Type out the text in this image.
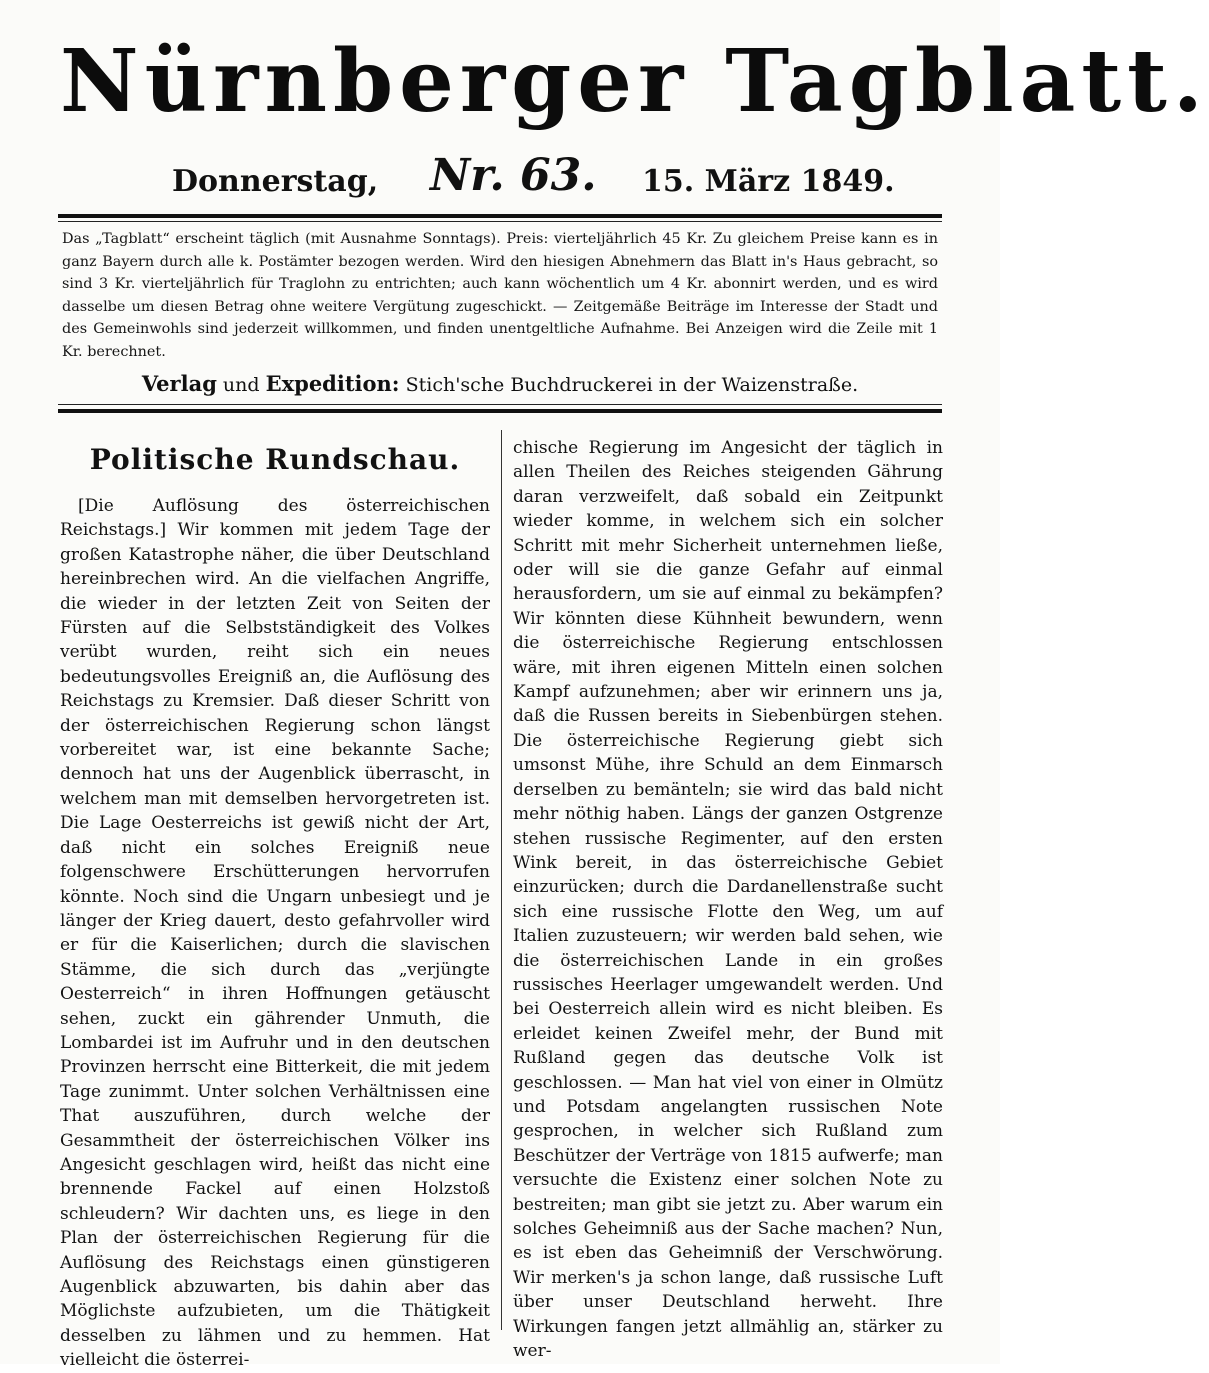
Nürnberger Tagblatt.
Donnerstag, Nr. 63. 15. März 1849.
Das „Tagblatt“ erscheint täglich (mit Ausnahme Sonntags). Preis: vierteljährlich 45 Kr. Zu gleichem Preise kann es in ganz Bayern durch alle k. Postämter bezogen werden. Wird den hiesigen Abnehmern das Blatt in's Haus gebracht, so sind 3 Kr. vierteljährlich für Traglohn zu entrichten; auch kann wöchentlich um 4 Kr. abonnirt werden, und es wird dasselbe um diesen Betrag ohne weitere Vergütung zugeschickt. — Zeitgemäße Beiträge im Interesse der Stadt und des Gemeinwohls sind jederzeit willkommen, und finden unentgeltliche Aufnahme. Bei Anzeigen wird die Zeile mit 1 Kr. berechnet.
Verlag und Expedition: Stich'sche Buchdruckerei in der Waizenstraße.
Politische Rundschau.

[Die Auflösung des österreichischen Reichstags.] Wir kommen mit jedem Tage der großen Katastrophe näher, die über Deutschland hereinbrechen wird. An die vielfachen Angriffe, die wieder in der letzten Zeit von Seiten der Fürsten auf die Selbstständigkeit des Volkes verübt wurden, reiht sich ein neues bedeutungsvolles Ereigniß an, die Auflösung des Reichstags zu Kremsier. Daß dieser Schritt von der österreichischen Regierung schon längst vorbereitet war, ist eine bekannte Sache; dennoch hat uns der Augenblick überrascht, in welchem man mit demselben hervorgetreten ist. Die Lage Oesterreichs ist gewiß nicht der Art, daß nicht ein solches Ereigniß neue folgenschwere Erschütterungen hervorrufen könnte. Noch sind die Ungarn unbesiegt und je länger der Krieg dauert, desto gefahrvoller wird er für die Kaiserlichen; durch die slavischen Stämme, die sich durch das „verjüngte Oesterreich“ in ihren Hoffnungen getäuscht sehen, zuckt ein gährender Unmuth, die Lombardei ist im Aufruhr und in den deutschen Provinzen herrscht eine Bitterkeit, die mit jedem Tage zunimmt. Unter solchen Verhältnissen eine That auszuführen, durch welche der Gesammtheit der österreichischen Völker ins Angesicht geschlagen wird, heißt das nicht eine brennende Fackel auf einen Holzstoß schleudern? Wir dachten uns, es liege in den Plan der österreichischen Regierung für die Auflösung des Reichstags einen günstigeren Augenblick abzuwarten, bis dahin aber das Möglichste aufzubieten, um die Thätigkeit desselben zu lähmen und zu hemmen. Hat vielleicht die österrei-

chische Regierung im Angesicht der täglich in allen Theilen des Reiches steigenden Gährung daran verzweifelt, daß sobald ein Zeitpunkt wieder komme, in welchem sich ein solcher Schritt mit mehr Sicherheit unternehmen ließe, oder will sie die ganze Gefahr auf einmal herausfordern, um sie auf einmal zu bekämpfen? Wir könnten diese Kühnheit bewundern, wenn die österreichische Regierung entschlossen wäre, mit ihren eigenen Mitteln einen solchen Kampf aufzunehmen; aber wir erinnern uns ja, daß die Russen bereits in Siebenbürgen stehen. Die österreichische Regierung giebt sich umsonst Mühe, ihre Schuld an dem Einmarsch derselben zu bemänteln; sie wird das bald nicht mehr nöthig haben. Längs der ganzen Ostgrenze stehen russische Regimenter, auf den ersten Wink bereit, in das österreichische Gebiet einzurücken; durch die Dardanellenstraße sucht sich eine russische Flotte den Weg, um auf Italien zuzusteuern; wir werden bald sehen, wie die österreichischen Lande in ein großes russisches Heerlager umgewandelt werden. Und bei Oesterreich allein wird es nicht bleiben. Es erleidet keinen Zweifel mehr, der Bund mit Rußland gegen das deutsche Volk ist geschlossen. — Man hat viel von einer in Olmütz und Potsdam angelangten russischen Note gesprochen, in welcher sich Rußland zum Beschützer der Verträge von 1815 aufwerfe; man versuchte die Existenz einer solchen Note zu bestreiten; man gibt sie jetzt zu. Aber warum ein solches Geheimniß aus der Sache machen? Nun, es ist eben das Geheimniß der Verschwörung. Wir merken's ja schon lange, daß russische Luft über unser Deutschland herweht. Ihre Wirkungen fangen jetzt allmählig an, stärker zu wer-
